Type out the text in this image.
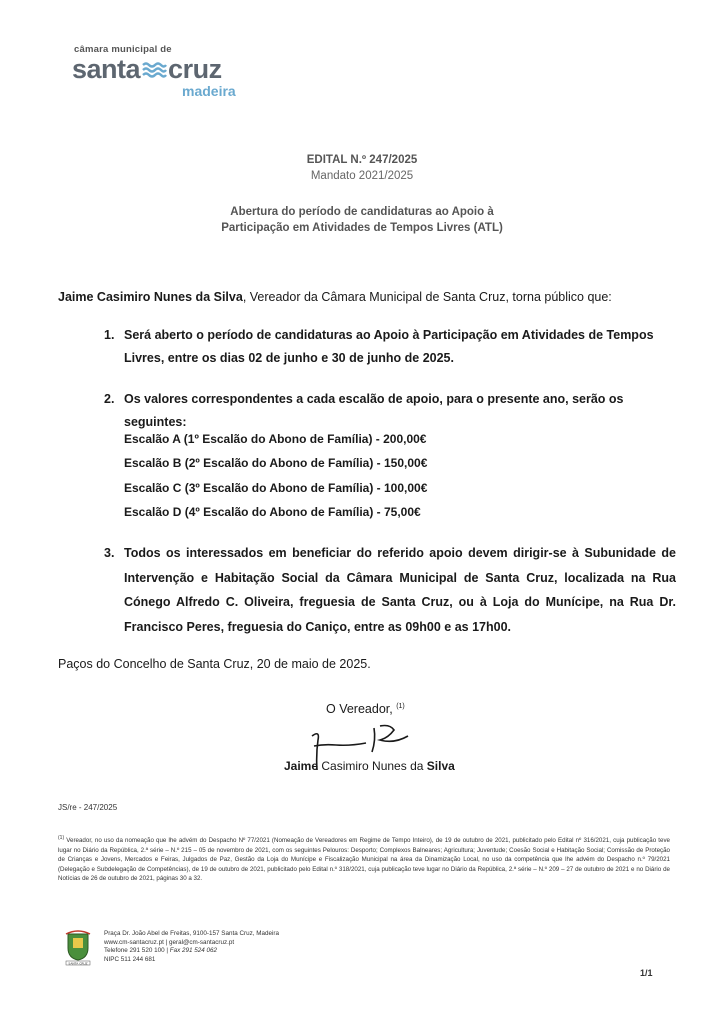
câmara municipal de
santa cruz
madeira
EDITAL N.º 247/2025
Mandato 2021/2025
Abertura do período de candidaturas ao Apoio à
Participação em Atividades de Tempos Livres (ATL)
Jaime Casimiro Nunes da Silva, Vereador da Câmara Municipal de Santa Cruz, torna público que:
1. Será aberto o período de candidaturas ao Apoio à Participação em Atividades de Tempos Livres, entre os dias 02 de junho e 30 de junho de 2025.
2. Os valores correspondentes a cada escalão de apoio, para o presente ano, serão os seguintes:
Escalão A (1º Escalão do Abono de Família) - 200,00€
Escalão B (2º Escalão do Abono de Família) - 150,00€
Escalão C (3º Escalão do Abono de Família) - 100,00€
Escalão D (4º Escalão do Abono de Família) - 75,00€
3. Todos os interessados em beneficiar do referido apoio devem dirigir-se à Subunidade de Intervenção e Habitação Social da Câmara Municipal de Santa Cruz, localizada na Rua Cónego Alfredo C. Oliveira, freguesia de Santa Cruz, ou à Loja do Munícipe, na Rua Dr. Francisco Peres, freguesia do Caniço, entre as 09h00 e as 17h00.
Paços do Concelho de Santa Cruz, 20 de maio de 2025.
O Vereador, $^{(1)}$
Jaime Casimiro Nunes da Silva
JS/re - 247/2025
$^{(1)}$ Vereador, no uso da nomeação que lhe advém do Despacho Nº 77/2021 (Nomeação de Vereadores em Regime de Tempo Inteiro), de 19 de outubro de 2021, publicitado pelo Edital nº 316/2021, cuja publicação teve lugar no Diário da República, 2.ª série – N.º 215 – 05 de novembro de 2021, com os seguintes Pelouros: Desporto; Complexos Balneares; Agricultura; Juventude; Coesão Social e Habitação Social; Comissão de Proteção de Crianças e Jovens, Mercados e Feiras, Julgados de Paz, Gestão da Loja do Munícipe e Fiscalização Municipal na área da Dinamização Local, no uso da competência que lhe advém do Despacho n.º 79/2021 (Delegação e Subdelegação de Competências), de 19 de outubro de 2021, publicitado pelo Edital n.º 318/2021, cuja publicação teve lugar no Diário da República, 2.ª série – N.º 209 – 27 de outubro de 2021 e no Diário de Notícias de 26 de outubro de 2021, páginas 30 a 32.
SANTA CRUZ
Praça Dr. João Abel de Freitas, 9100-157 Santa Cruz, Madeira
www.cm-santacruz.pt | geral@cm-santacruz.pt
Telefone 291 520 100 | Fax 291 524 062
NIPC 511 244 681
1/1
